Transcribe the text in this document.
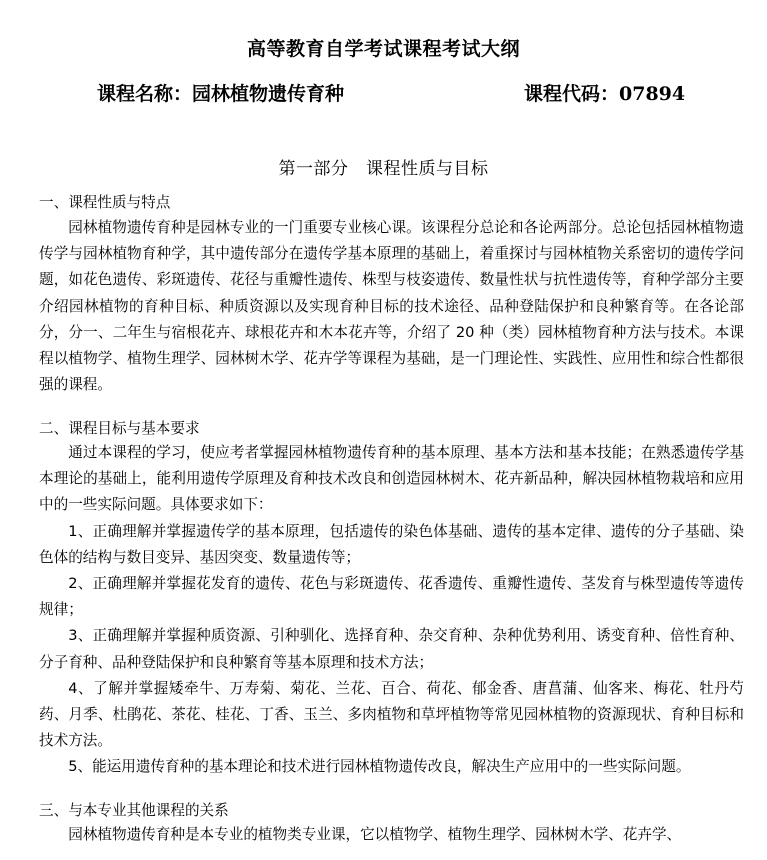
高等教育自学考试课程考试大纲
课程名称：园林植物遗传育种	课程代码：07894
第一部分　课程性质与目标
一、课程性质与特点

园林植物遗传育种是园林专业的一门重要专业核心课。该课程分总论和各论两部分。总论包括园林植物遗传学与园林植物育种学，其中遗传部分在遗传学基本原理的基础上，着重探讨与园林植物关系密切的遗传学问题，如花色遗传、彩斑遗传、花径与重瓣性遗传、株型与枝姿遗传、数量性状与抗性遗传等，育种学部分主要介绍园林植物的育种目标、种质资源以及实现育种目标的技术途径、品种登陆保护和良种繁育等。在各论部分，分一、二年生与宿根花卉、球根花卉和木本花卉等，介绍了 20 种（类）园林植物育种方法与技术。本课程以植物学、植物生理学、园林树木学、花卉学等课程为基础，是一门理论性、实践性、应用性和综合性都很强的课程。

二、课程目标与基本要求

通过本课程的学习，使应考者掌握园林植物遗传育种的基本原理、基本方法和基本技能；在熟悉遗传学基本理论的基础上，能利用遗传学原理及育种技术改良和创造园林树木、花卉新品种，解决园林植物栽培和应用中的一些实际问题。具体要求如下：

1、正确理解并掌握遗传学的基本原理，包括遗传的染色体基础、遗传的基本定律、遗传的分子基础、染色体的结构与数目变异、基因突变、数量遗传等；

2、正确理解并掌握花发育的遗传、花色与彩斑遗传、花香遗传、重瓣性遗传、茎发育与株型遗传等遗传规律；

3、正确理解并掌握种质资源、引种驯化、选择育种、杂交育种、杂种优势利用、诱变育种、倍性育种、分子育种、品种登陆保护和良种繁育等基本原理和技术方法；

4、了解并掌握矮牵牛、万寿菊、菊花、兰花、百合、荷花、郁金香、唐菖蒲、仙客来、梅花、牡丹芍药、月季、杜鹃花、茶花、桂花、丁香、玉兰、多肉植物和草坪植物等常见园林植物的资源现状、育种目标和技术方法。

5、能运用遗传育种的基本理论和技术进行园林植物遗传改良，解决生产应用中的一些实际问题。

三、与本专业其他课程的关系

园林植物遗传育种是本专业的植物类专业课，它以植物学、植物生理学、园林树木学、花卉学、
